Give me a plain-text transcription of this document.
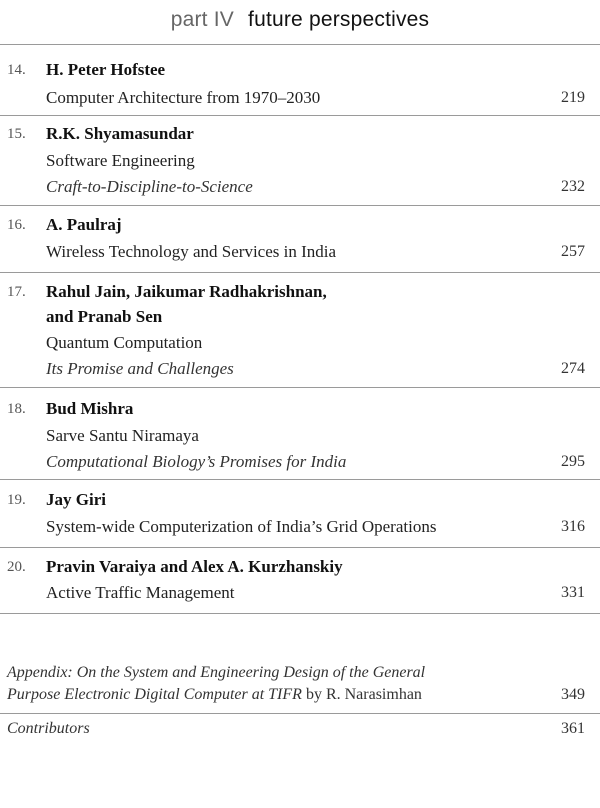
part IV future perspectives
14.	H. Peter Hofstee
Computer Architecture from 1970–2030	219
15.	R.K. Shyamasundar
Software Engineering
Craft-to-Discipline-to-Science	232
16.	A. Paulraj
Wireless Technology and Services in India	257
17.	Rahul Jain, Jaikumar Radhakrishnan,
and Pranab Sen
Quantum Computation
Its Promise and Challenges	274
18.	Bud Mishra
Sarve Santu Niramaya
Computational Biology’s Promises for India	295
19.	Jay Giri
System-wide Computerization of India’s Grid Operations	316
20.	Pravin Varaiya and Alex A. Kurzhanskiy
Active Traffic Management	331
Appendix: On the System and Engineering Design of the General
Purpose Electronic Digital Computer at TIFR by R. Narasimhan	349
Contributors	361
